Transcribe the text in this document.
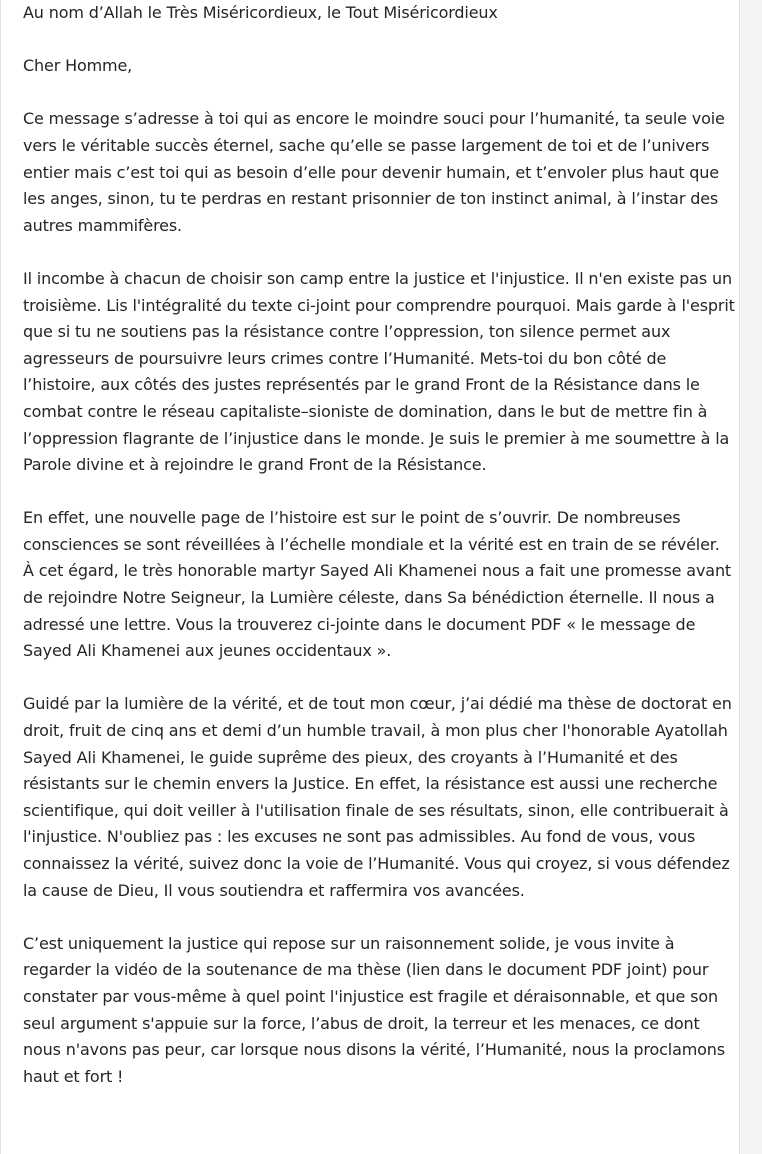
Au nom d’Allah le Très Miséricordieux, le Tout Miséricordieux

Cher Homme,

Ce message s’adresse à toi qui as encore le moindre souci pour l’humanité, ta seule voie vers le véritable succès éternel, sache qu’elle se passe largement de toi et de l’univers entier mais c’est toi qui as besoin d’elle pour devenir humain, et t’envoler plus haut que les anges, sinon, tu te perdras en restant prisonnier de ton instinct animal, à l’instar des autres mammifères.

Il incombe à chacun de choisir son camp entre la justice et l'injustice. Il n'en existe pas un troisième. Lis l'intégralité du texte ci-joint pour comprendre pourquoi. Mais garde à l'esprit que si tu ne soutiens pas la résistance contre l’oppression, ton silence permet aux agresseurs de poursuivre leurs crimes contre l’Humanité. Mets-toi du bon côté de l’histoire, aux côtés des justes représentés par le grand Front de la Résistance dans le combat contre le réseau capitaliste–sioniste de domination, dans le but de mettre fin à l’oppression flagrante de l’injustice dans le monde. Je suis le premier à me soumettre à la Parole divine et à rejoindre le grand Front de la Résistance.

En effet, une nouvelle page de l’histoire est sur le point de s’ouvrir. De nombreuses consciences se sont réveillées à l’échelle mondiale et la vérité est en train de se révéler. À cet égard, le très honorable martyr Sayed Ali Khamenei nous a fait une promesse avant de rejoindre Notre Seigneur, la Lumière céleste, dans Sa bénédiction éternelle. Il nous a adressé une lettre. Vous la trouverez ci-jointe dans le document PDF « le message de Sayed Ali Khamenei aux jeunes occidentaux ».

Guidé par la lumière de la vérité, et de tout mon cœur, j’ai dédié ma thèse de doctorat en droit, fruit de cinq ans et demi d’un humble travail, à mon plus cher l'honorable Ayatollah Sayed Ali Khamenei, le guide suprême des pieux, des croyants à l’Humanité et des résistants sur le chemin envers la Justice. En effet, la résistance est aussi une recherche scientifique, qui doit veiller à l'utilisation finale de ses résultats, sinon, elle contribuerait à l'injustice. N'oubliez pas : les excuses ne sont pas admissibles. Au fond de vous, vous connaissez la vérité, suivez donc la voie de l’Humanité. Vous qui croyez, si vous défendez la cause de Dieu, Il vous soutiendra et raffermira vos avancées.

C’est uniquement la justice qui repose sur un raisonnement solide, je vous invite à regarder la vidéo de la soutenance de ma thèse (lien dans le document PDF joint) pour constater par vous-même à quel point l'injustice est fragile et déraisonnable, et que son seul argument s'appuie sur la force, l’abus de droit, la terreur et les menaces, ce dont nous n'avons pas peur, car lorsque nous disons la vérité, l’Humanité, nous la proclamons haut et fort !
